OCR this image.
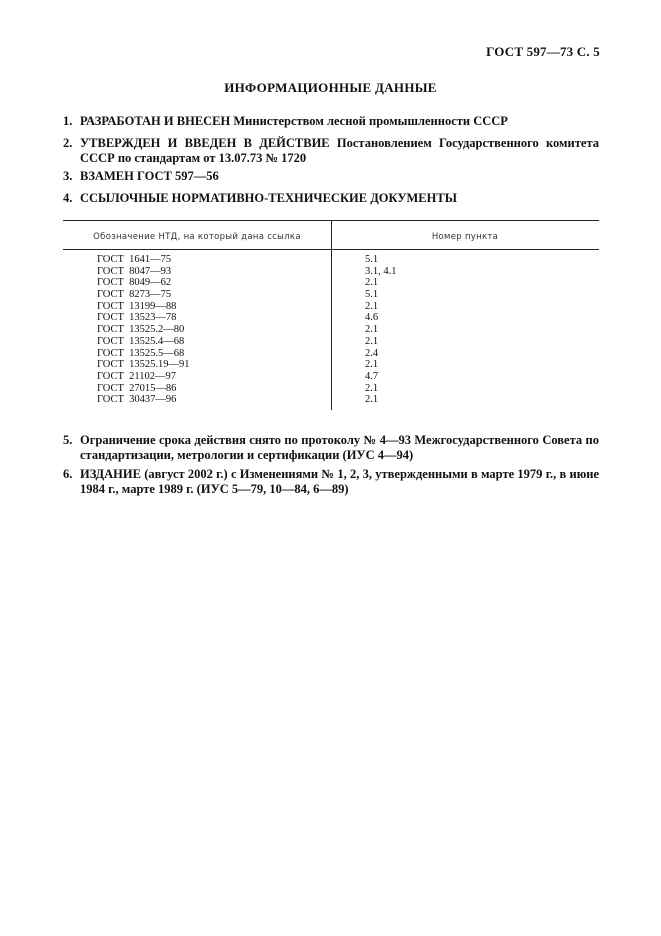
ГОСТ 597—73 С. 5
ИНФОРМАЦИОННЫЕ ДАННЫЕ
1. РАЗРАБОТАН И ВНЕСЕН Министерством лесной промышленности СССР
2. УТВЕРЖДЕН И ВВЕДЕН В ДЕЙСТВИЕ Постановлением Государственного комитета СССР по стандартам от 13.07.73 № 1720
3. ВЗАМЕН ГОСТ 597—56
4. ССЫЛОЧНЫЕ НОРМАТИВНО-ТЕХНИЧЕСКИЕ ДОКУМЕНТЫ
Обозначение НТД, на который дана ссылка	Номер пункта
ГОСТ  1641—75	5.1
ГОСТ  8047—93	3.1, 4.1
ГОСТ  8049—62	2.1
ГОСТ  8273—75	5.1
ГОСТ  13199—88	2.1
ГОСТ  13523—78	4.6
ГОСТ  13525.2—80	2.1
ГОСТ  13525.4—68	2.1
ГОСТ  13525.5—68	2.4
ГОСТ  13525.19—91	2.1
ГОСТ  21102—97	4.7
ГОСТ  27015—86	2.1
ГОСТ  30437—96	2.1
5. Ограничение срока действия снято по протоколу № 4—93 Межгосударственного Совета по стандартизации, метрологии и сертификации (ИУС 4—94)
6. ИЗДАНИЕ (август 2002 г.) с Изменениями № 1, 2, 3, утвержденными в марте 1979 г., в июне 1984 г., марте 1989 г. (ИУС 5—79, 10—84, 6—89)
